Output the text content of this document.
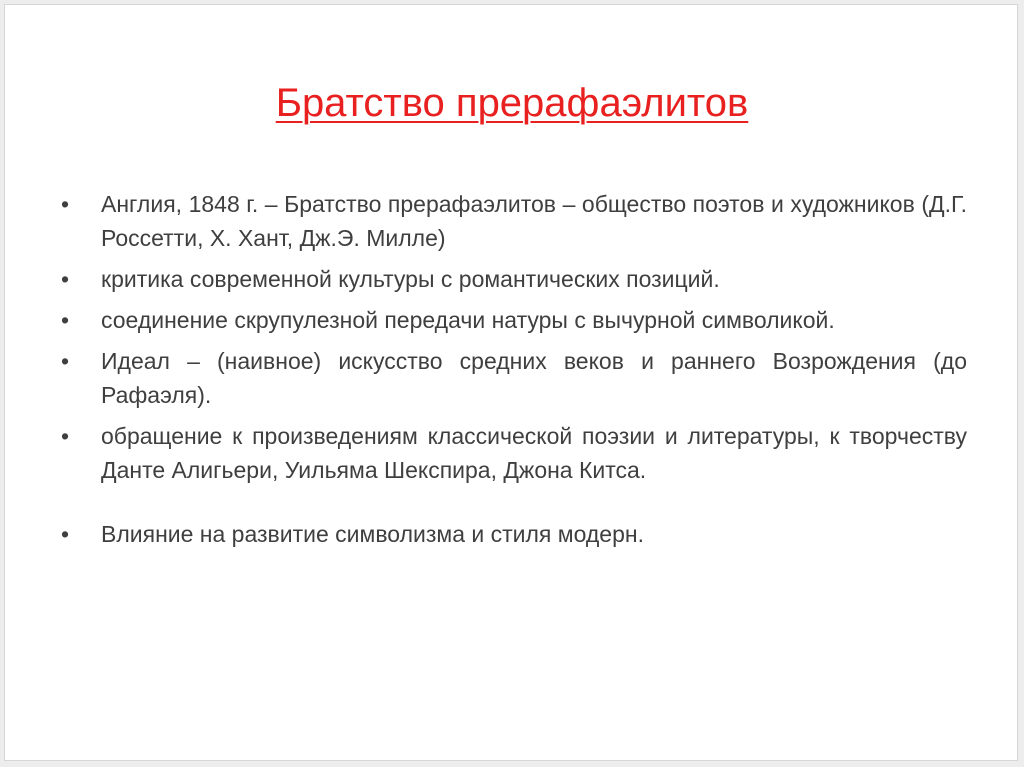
Братство прерафаэлитов
•	Англия, 1848 г. – Братство прерафаэлитов – общество поэтов и художников (Д.Г. Россетти, Х. Хант, Дж.Э. Милле)
•	критика современной культуры с романтических позиций.
•	соединение скрупулезной передачи натуры с вычурной символикой.
•	Идеал – (наивное) искусство средних веков и раннего Возрождения (до Рафаэля).
•	обращение к произведениям классической поэзии и литературы, к творчеству Данте Алигьери, Уильяма Шекспира, Джона Китса.
•	Влияние на развитие символизма и стиля модерн.
